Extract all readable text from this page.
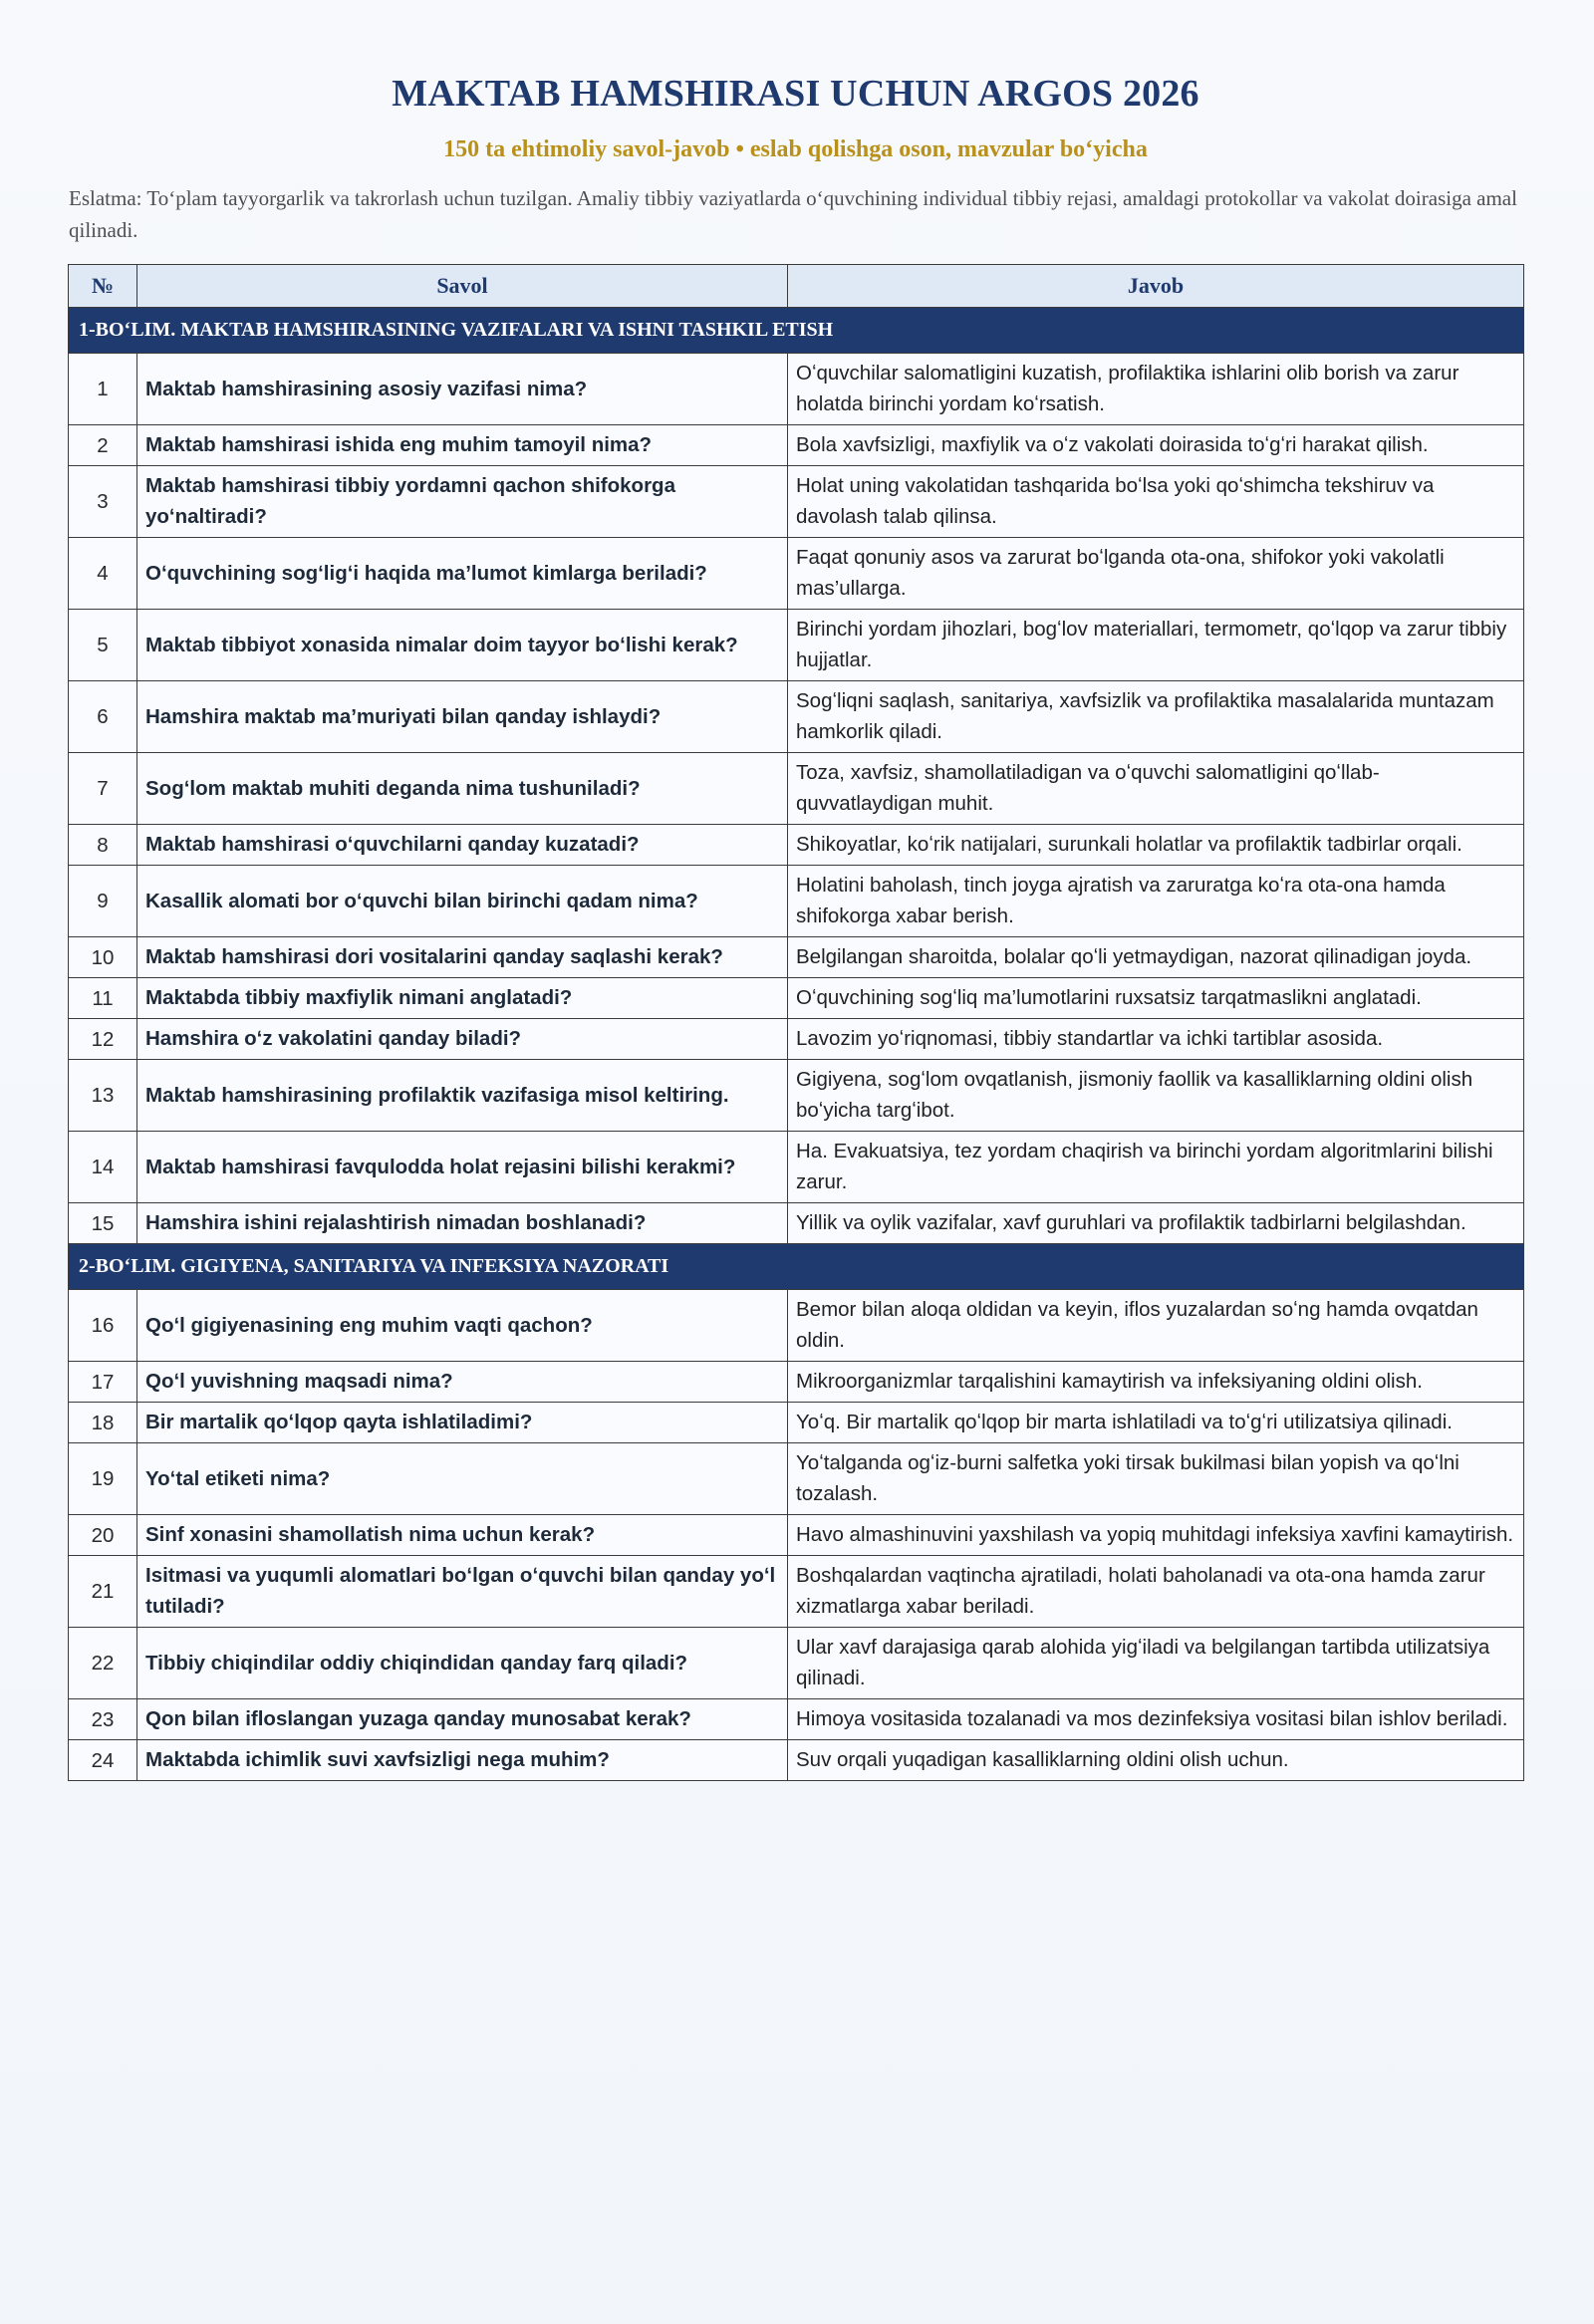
MAKTAB HAMSHIRASI UCHUN ARGOS 2026
150 ta ehtimoliy savol-javob • eslab qolishga oson, mavzular boʻyicha
Eslatma: Toʻplam tayyorgarlik va takrorlash uchun tuzilgan. Amaliy tibbiy vaziyatlarda oʻquvchining individual tibbiy rejasi, amaldagi protokollar va vakolat doirasiga amal qilinadi.
№	Savol	Javob
1-BOʻLIM. MAKTAB HAMSHIRASINING VAZIFALARI VA ISHNI TASHKIL ETISH		
1	Maktab hamshirasining asosiy vazifasi nima?	Oʻquvchilar salomatligini kuzatish, profilaktika ishlarini olib borish va zarur holatda birinchi yordam koʻrsatish.
2	Maktab hamshirasi ishida eng muhim tamoyil nima?	Bola xavfsizligi, maxfiylik va oʻz vakolati doirasida toʻgʻri harakat qilish.
3	Maktab hamshirasi tibbiy yordamni qachon shifokorga yoʻnaltiradi?	Holat uning vakolatidan tashqarida boʻlsa yoki qoʻshimcha tekshiruv va davolash talab qilinsa.
4	Oʻquvchining sogʻligʻi haqida ma’lumot kimlarga beriladi?	Faqat qonuniy asos va zarurat boʻlganda ota-ona, shifokor yoki vakolatli mas’ullarga.
5	Maktab tibbiyot xonasida nimalar doim tayyor boʻlishi kerak?	Birinchi yordam jihozlari, bogʻlov materiallari, termometr, qoʻlqop va zarur tibbiy hujjatlar.
6	Hamshira maktab ma’muriyati bilan qanday ishlaydi?	Sogʻliqni saqlash, sanitariya, xavfsizlik va profilaktika masalalarida muntazam hamkorlik qiladi.
7	Sogʻlom maktab muhiti deganda nima tushuniladi?	Toza, xavfsiz, shamollatiladigan va oʻquvchi salomatligini qoʻllab-quvvatlaydigan muhit.
8	Maktab hamshirasi oʻquvchilarni qanday kuzatadi?	Shikoyatlar, koʻrik natijalari, surunkali holatlar va profilaktik tadbirlar orqali.
9	Kasallik alomati bor oʻquvchi bilan birinchi qadam nima?	Holatini baholash, tinch joyga ajratish va zaruratga koʻra ota-ona hamda shifokorga xabar berish.
10	Maktab hamshirasi dori vositalarini qanday saqlashi kerak?	Belgilangan sharoitda, bolalar qoʻli yetmaydigan, nazorat qilinadigan joyda.
11	Maktabda tibbiy maxfiylik nimani anglatadi?	Oʻquvchining sogʻliq ma’lumotlarini ruxsatsiz tarqatmaslikni anglatadi.
12	Hamshira oʻz vakolatini qanday biladi?	Lavozim yoʻriqnomasi, tibbiy standartlar va ichki tartiblar asosida.
13	Maktab hamshirasining profilaktik vazifasiga misol keltiring.	Gigiyena, sogʻlom ovqatlanish, jismoniy faollik va kasalliklarning oldini olish boʻyicha targʻibot.
14	Maktab hamshirasi favqulodda holat rejasini bilishi kerakmi?	Ha. Evakuatsiya, tez yordam chaqirish va birinchi yordam algoritmlarini bilishi zarur.
15	Hamshira ishini rejalashtirish nimadan boshlanadi?	Yillik va oylik vazifalar, xavf guruhlari va profilaktik tadbirlarni belgilashdan.
2-BOʻLIM. GIGIYENA, SANITARIYA VA INFEKSIYA NAZORATI		
16	Qoʻl gigiyenasining eng muhim vaqti qachon?	Bemor bilan aloqa oldidan va keyin, iflos yuzalardan soʻng hamda ovqatdan oldin.
17	Qoʻl yuvishning maqsadi nima?	Mikroorganizmlar tarqalishini kamaytirish va infeksiyaning oldini olish.
18	Bir martalik qoʻlqop qayta ishlatiladimi?	Yoʻq. Bir martalik qoʻlqop bir marta ishlatiladi va toʻgʻri utilizatsiya qilinadi.
19	Yoʻtal etiketi nima?	Yoʻtalganda ogʻiz-burni salfetka yoki tirsak bukilmasi bilan yopish va qoʻlni tozalash.
20	Sinf xonasini shamollatish nima uchun kerak?	Havo almashinuvini yaxshilash va yopiq muhitdagi infeksiya xavfini kamaytirish.
21	Isitmasi va yuqumli alomatlari boʻlgan oʻquvchi bilan qanday yoʻl tutiladi?	Boshqalardan vaqtincha ajratiladi, holati baholanadi va ota-ona hamda zarur xizmatlarga xabar beriladi.
22	Tibbiy chiqindilar oddiy chiqindidan qanday farq qiladi?	Ular xavf darajasiga qarab alohida yigʻiladi va belgilangan tartibda utilizatsiya qilinadi.
23	Qon bilan ifloslangan yuzaga qanday munosabat kerak?	Himoya vositasida tozalanadi va mos dezinfeksiya vositasi bilan ishlov beriladi.
24	Maktabda ichimlik suvi xavfsizligi nega muhim?	Suv orqali yuqadigan kasalliklarning oldini olish uchun.
